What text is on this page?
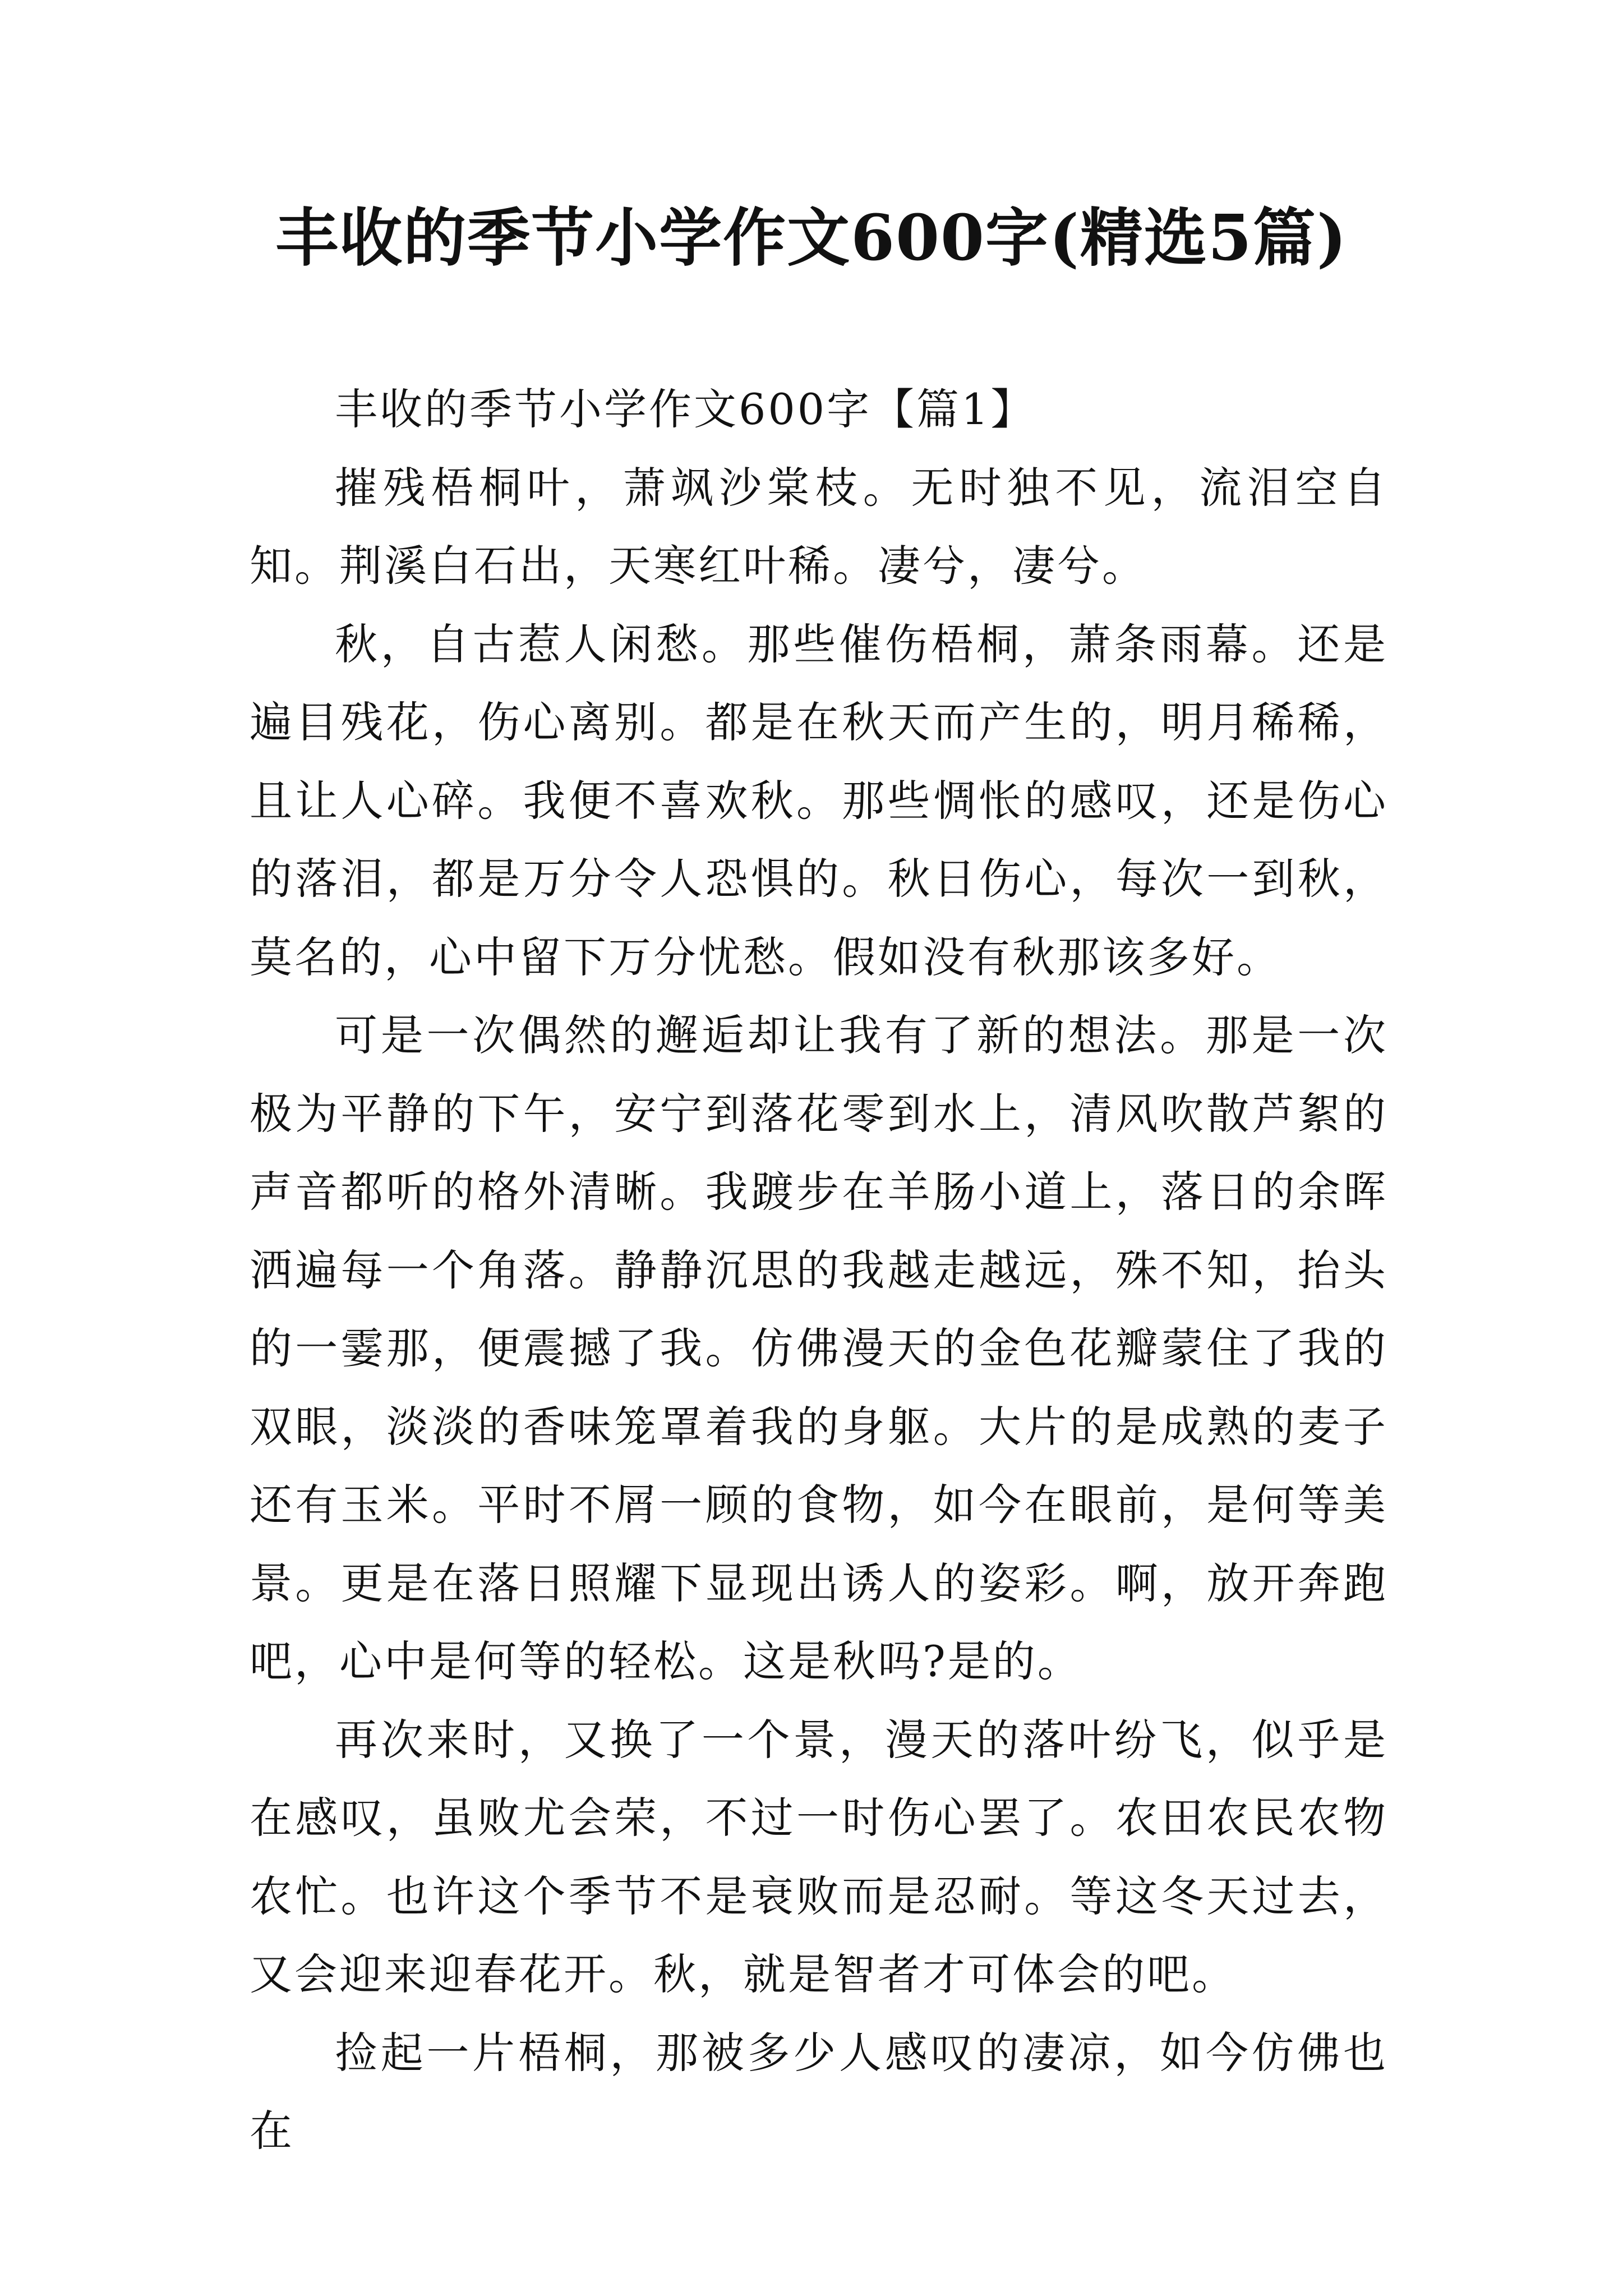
丰收的季节小学作文600字(精选5篇)

丰收的季节小学作文600字【篇1】

摧残梧桐叶，萧飒沙棠枝。无时独不见，流泪空自知。荆溪白石出，天寒红叶稀。凄兮，凄兮。

秋，自古惹人闲愁。那些催伤梧桐，萧条雨幕。还是遍目残花，伤心离别。都是在秋天而产生的，明月稀稀，且让人心碎。我便不喜欢秋。那些惆怅的感叹，还是伤心的落泪，都是万分令人恐惧的。秋日伤心，每次一到秋，莫名的，心中留下万分忧愁。假如没有秋那该多好。

可是一次偶然的邂逅却让我有了新的想法。那是一次极为平静的下午，安宁到落花零到水上，清风吹散芦絮的声音都听的格外清晰。我踱步在羊肠小道上，落日的余晖洒遍每一个角落。静静沉思的我越走越远，殊不知，抬头的一霎那，便震撼了我。仿佛漫天的金色花瓣蒙住了我的双眼，淡淡的香味笼罩着我的身躯。大片的是成熟的麦子还有玉米。平时不屑一顾的食物，如今在眼前，是何等美景。更是在落日照耀下显现出诱人的姿彩。啊，放开奔跑吧，心中是何等的轻松。这是秋吗?是的。

再次来时，又换了一个景，漫天的落叶纷飞，似乎是在感叹，虽败尤会荣，不过一时伤心罢了。农田农民农物农忙。也许这个季节不是衰败而是忍耐。等这冬天过去，又会迎来迎春花开。秋，就是智者才可体会的吧。

捡起一片梧桐，那被多少人感叹的凄凉，如今仿佛也在
